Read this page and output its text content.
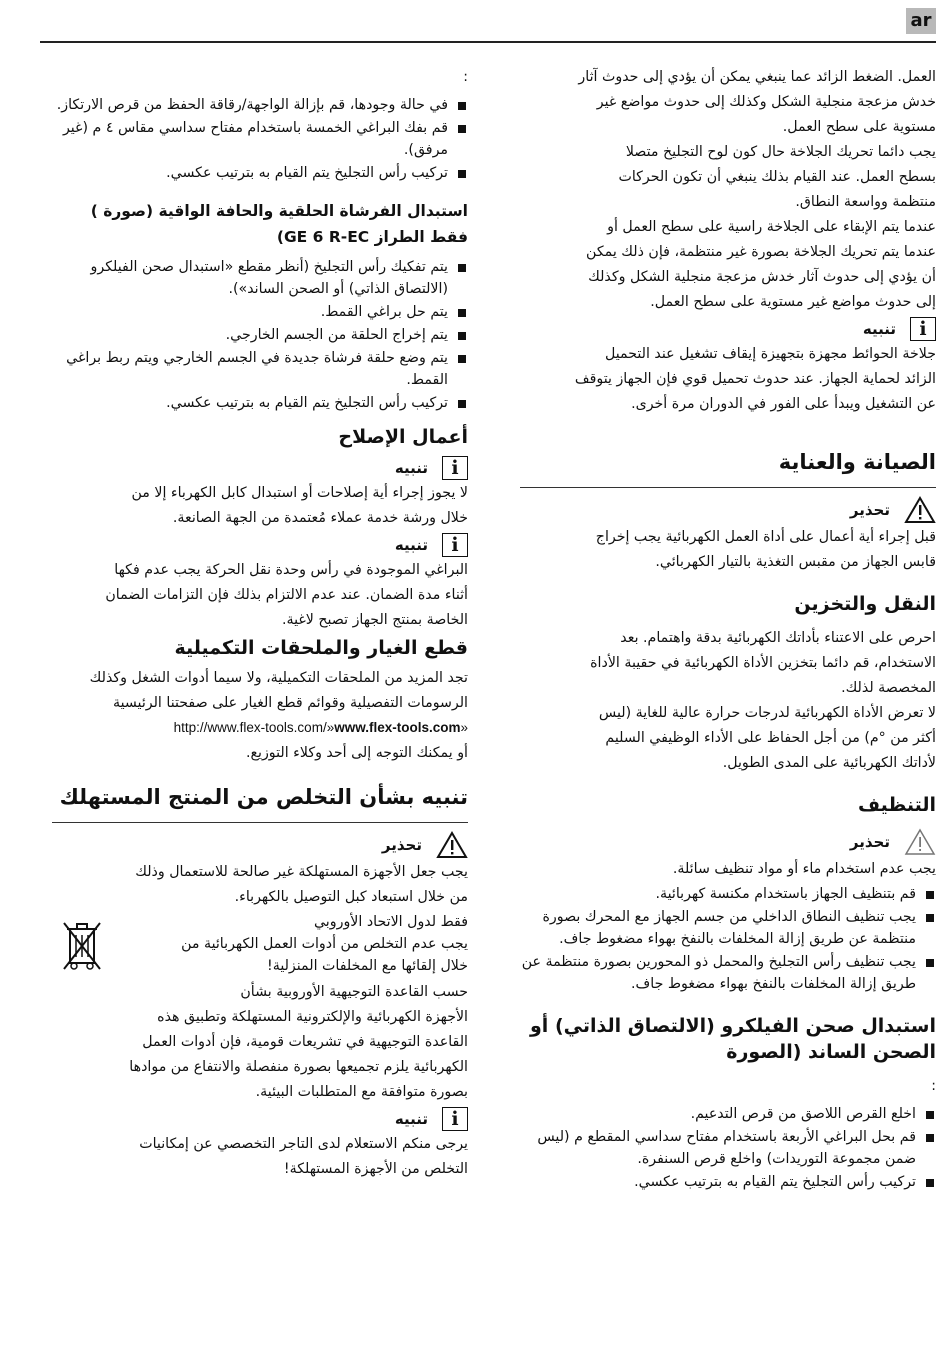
ar

العمل. الضغط الزائد عما ينبغي يمكن أن يؤدي إلى حدوث آثار

خدش مزعجة منجلية الشكل وكذلك إلى حدوث مواضع غير

مستوية على سطح العمل.

يجب دائما تحريك الجلاخة حال كون لوح التجليخ متصلا

بسطح العمل. عند القيام بذلك ينبغي أن تكون الحركات

منتظمة وواسعة النطاق.

عندما يتم الإبقاء على الجلاخة راسية على سطح العمل أو

عندما يتم تحريك الجلاخة بصورة غير منتظمة، فإن ذلك يمكن

أن يؤدي إلى حدوث آثار خدش مزعجة منجلية الشكل وكذلك

إلى حدوث مواضع غير مستوية على سطح العمل.

i
تنبيه

جلاخة الحوائط مجهزة بتجهيزة إيقاف تشغيل عند التحميل

الزائد لحماية الجهاز. عند حدوث تحميل قوي فإن الجهاز يتوقف

عن التشغيل ويبدأ على الفور في الدوران مرة أخرى.

الصيانة والعناية
تحذير

قبل إجراء أية أعمال على أداة العمل الكهربائية يجب إخراج

قابس الجهاز من مقبس التغذية بالتيار الكهربائي.

النقل والتخزين

احرص على الاعتناء بأداتك الكهربائية بدقة واهتمام. بعد

الاستخدام، قم دائما بتخزين الأداة الكهربائية في حقيبة الأداة

المخصصة لذلك.

لا تعرض الأداة الكهربائية لدرجات حرارة عالية للغاية (ليس

أكثر من °م) من أجل الحفاظ على الأداء الوظيفي السليم

لأداتك الكهربائية على المدى الطويل.

التنظيف
تحذير

يجب عدم استخدام ماء أو مواد تنظيف سائلة.

قم بتنظيف الجهاز باستخدام مكنسة كهربائية.
يجب تنظيف النطاق الداخلي من جسم الجهاز مع المحرك بصورة منتظمة عن طريق إزالة المخلفات بالنفخ بهواء مضغوط جاف.
يجب تنظيف رأس التجليخ والمحمل ذو المحورين بصورة منتظمة عن طريق إزالة المخلفات بالنفخ بهواء مضغوط جاف.
استبدال صحن الفيلكرو (الالتصاق الذاتي) أو
الصحن الساند (الصورة

:

اخلع القرص اللاصق من قرص التدعيم.
قم بحل البراغي الأربعة باستخدام مفتاح سداسي المقطع م (ليس ضمن مجموعة التوريدات) واخلع قرص السنفرة.
تركيب رأس التجليخ يتم القيام به بترتيب عكسي.

:

في حالة وجودها، قم بإزالة الواجهة/رقاقة الحفظ من قرص الارتكاز.
قم بفك البراغي الخمسة باستخدام مفتاح سداسي مقاس ٤ م (غير مرفق).
تركيب رأس التجليخ يتم القيام به بترتيب عكسي.
استبدال الفرشاة الحلقية والحافة الواقية (صورة )
فقط الطراز GE 6 R-EC)
يتم تفكيك رأس التجليخ (أنظر مقطع «استبدال صحن الفيلكرو (الالتصاق الذاتي) أو الصحن الساند»).
يتم حل براغي القمط.
يتم إخراج الحلقة من الجسم الخارجي.
يتم وضع حلقة فرشاة جديدة في الجسم الخارجي ويتم ربط براغي القمط.
تركيب رأس التجليخ يتم القيام به بترتيب عكسي.
أعمال الإصلاح
i
تنبيه

لا يجوز إجراء أية إصلاحات أو استبدال كابل الكهرباء إلا من

خلال ورشة خدمة عملاء مُعتمدة من الجهة الصانعة.

i
تنبيه

البراغي الموجودة في رأس وحدة نقل الحركة يجب عدم فكها

أثناء مدة الضمان. عند عدم الالتزام بذلك فإن التزامات الضمان

الخاصة بمنتج الجهاز تصبح لاغية.

قطع الغيار والملحقات التكميلية

تجد المزيد من الملحقات التكميلية، ولا سيما أدوات الشغل وكذلك

الرسومات التفصيلية وقوائم قطع الغيار على صفحتنا الرئيسية

http://www.flex-tools.com/»www.flex-tools.com»

أو يمكنك التوجه إلى أحد وكلاء التوزيع.

تنبيه بشأن التخلص من المنتج المستهلك
تحذير

يجب جعل الأجهزة المستهلكة غير صالحة للاستعمال وذلك

من خلال استبعاد كبل التوصيل بالكهرباء.

فقط لدول الاتحاد الأوروبي

يجب عدم التخلص من أدوات العمل الكهربائية من

خلال إلقائها مع المخلفات المنزلية!

حسب القاعدة التوجيهية الأوروبية بشأن

الأجهزة الكهربائية والإلكترونية المستهلكة وتطبيق هذه

القاعدة التوجيهية في تشريعات قومية، فإن أدوات العمل

الكهربائية يلزم تجميعها بصورة منفصلة والانتفاع من موادها

بصورة متوافقة مع المتطلبات البيئية.

i
تنبيه

يرجى منكم الاستعلام لدى التاجر التخصصي عن إمكانيات

التخلص من الأجهزة المستهلكة!
